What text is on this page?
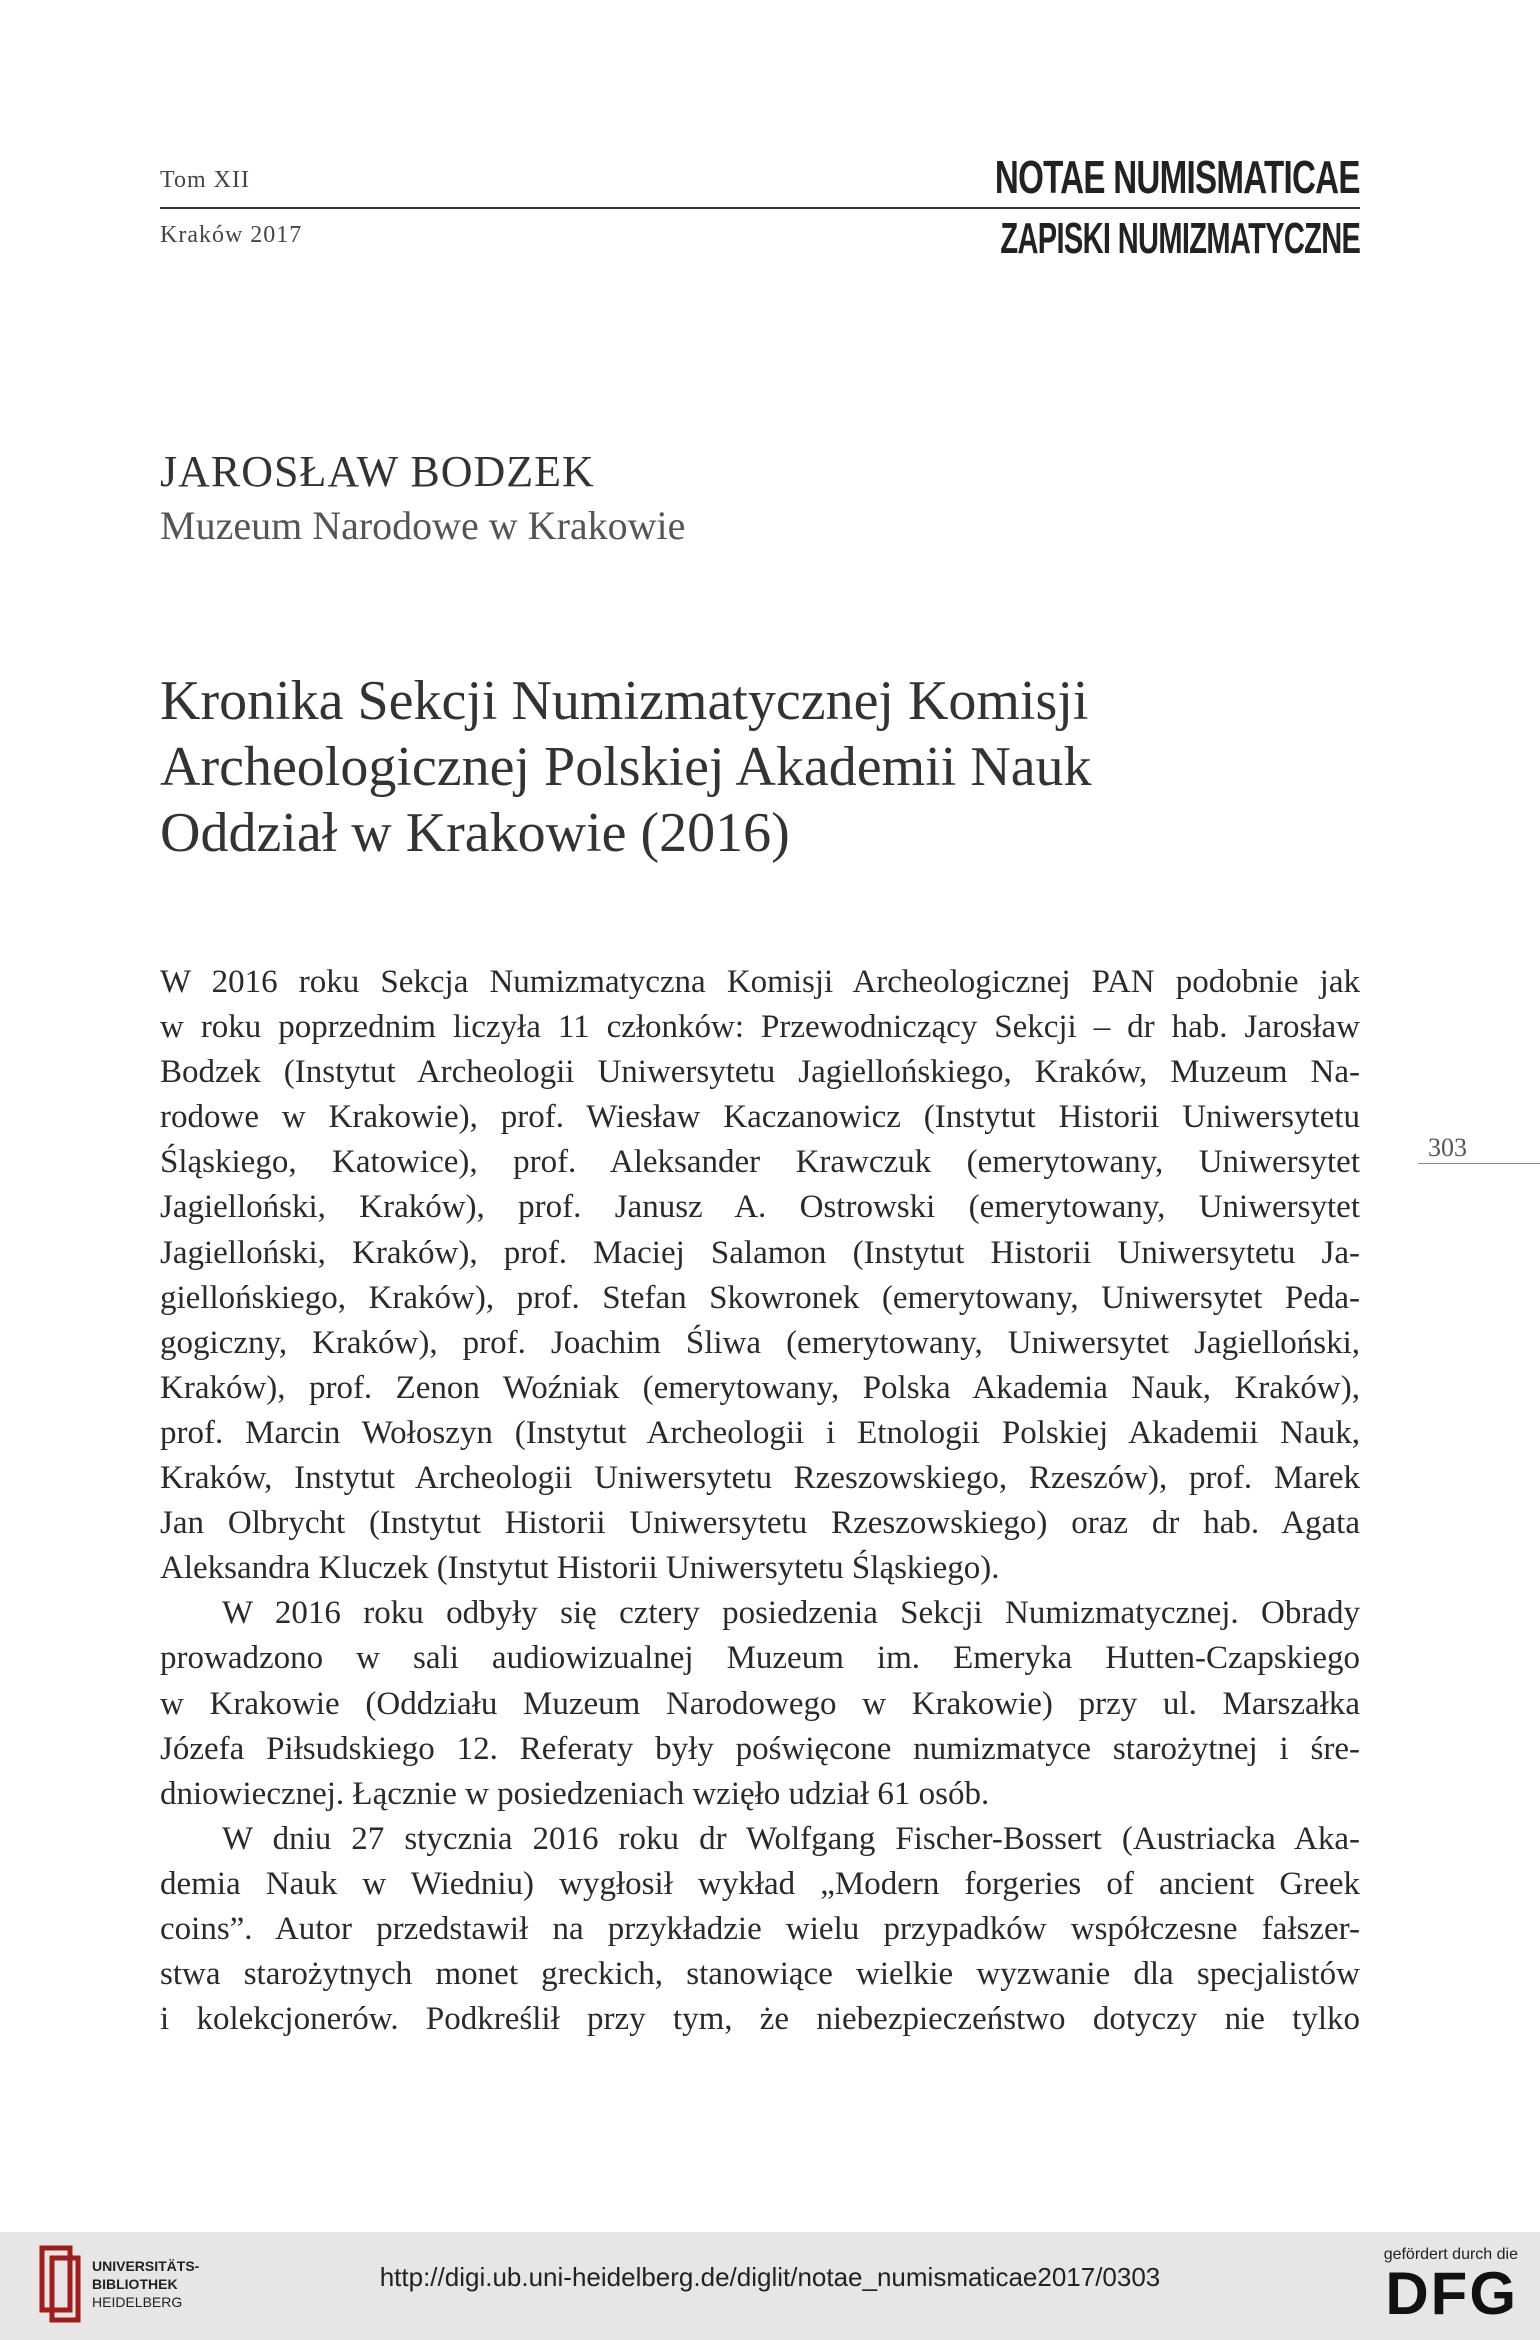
Tom XII
Kraków 2017
NOTAE NUMISMATICAE
ZAPISKI NUMIZMATYCZNE
JAROSŁAW BODZEK
Muzeum Narodowe w Krakowie
Kronika Sekcji Numizmatycznej Komisji
Archeologicznej Polskiej Akademii Nauk
Oddział w Krakowie (2016)
W 2016 roku Sekcja Numizmatyczna Komisji Archeologicznej PAN podobnie jak
w roku poprzednim liczyła 11 członków: Przewodniczący Sekcji – dr hab. Jarosław
Bodzek (Instytut Archeologii Uniwersytetu Jagiellońskiego, Kraków, Muzeum Na-
rodowe w Krakowie), prof. Wiesław Kaczanowicz (Instytut Historii Uniwersytetu
Śląskiego, Katowice), prof. Aleksander Krawczuk (emerytowany, Uniwersytet
Jagielloński, Kraków), prof. Janusz A. Ostrowski (emerytowany, Uniwersytet
Jagielloński, Kraków), prof. Maciej Salamon (Instytut Historii Uniwersytetu Ja-
giellońskiego, Kraków), prof. Stefan Skowronek (emerytowany, Uniwersytet Peda-
gogiczny, Kraków), prof. Joachim Śliwa (emerytowany, Uniwersytet Jagielloński,
Kraków), prof. Zenon Woźniak (emerytowany, Polska Akademia Nauk, Kraków),
prof. Marcin Wołoszyn (Instytut Archeologii i Etnologii Polskiej Akademii Nauk,
Kraków, Instytut Archeologii Uniwersytetu Rzeszowskiego, Rzeszów), prof. Marek
Jan Olbrycht (Instytut Historii Uniwersytetu Rzeszowskiego) oraz dr hab. Agata
Aleksandra Kluczek (Instytut Historii Uniwersytetu Śląskiego).
W 2016 roku odbyły się cztery posiedzenia Sekcji Numizmatycznej. Obrady
prowadzono w sali audiowizualnej Muzeum im. Emeryka Hutten-Czapskiego
w Krakowie (Oddziału Muzeum Narodowego w Krakowie) przy ul. Marszałka
Józefa Piłsudskiego 12. Referaty były poświęcone numizmatyce starożytnej i śre-
dniowiecznej. Łącznie w posiedzeniach wzięło udział 61 osób.
W dniu 27 stycznia 2016 roku dr Wolfgang Fischer-Bossert (Austriacka Aka-
demia Nauk w Wiedniu) wygłosił wykład „Modern forgeries of ancient Greek
coins”. Autor przedstawił na przykładzie wielu przypadków współczesne fałszer-
stwa starożytnych monet greckich, stanowiące wielkie wyzwanie dla specjalistów
i kolekcjonerów. Podkreślił przy tym, że niebezpieczeństwo dotyczy nie tylko
303
UNIVERSITÄTS-
BIBLIOTHEK
HEIDELBERG
http://digi.ub.uni-heidelberg.de/diglit/notae_numismaticae2017/0303
gefördert durch die
DFG
